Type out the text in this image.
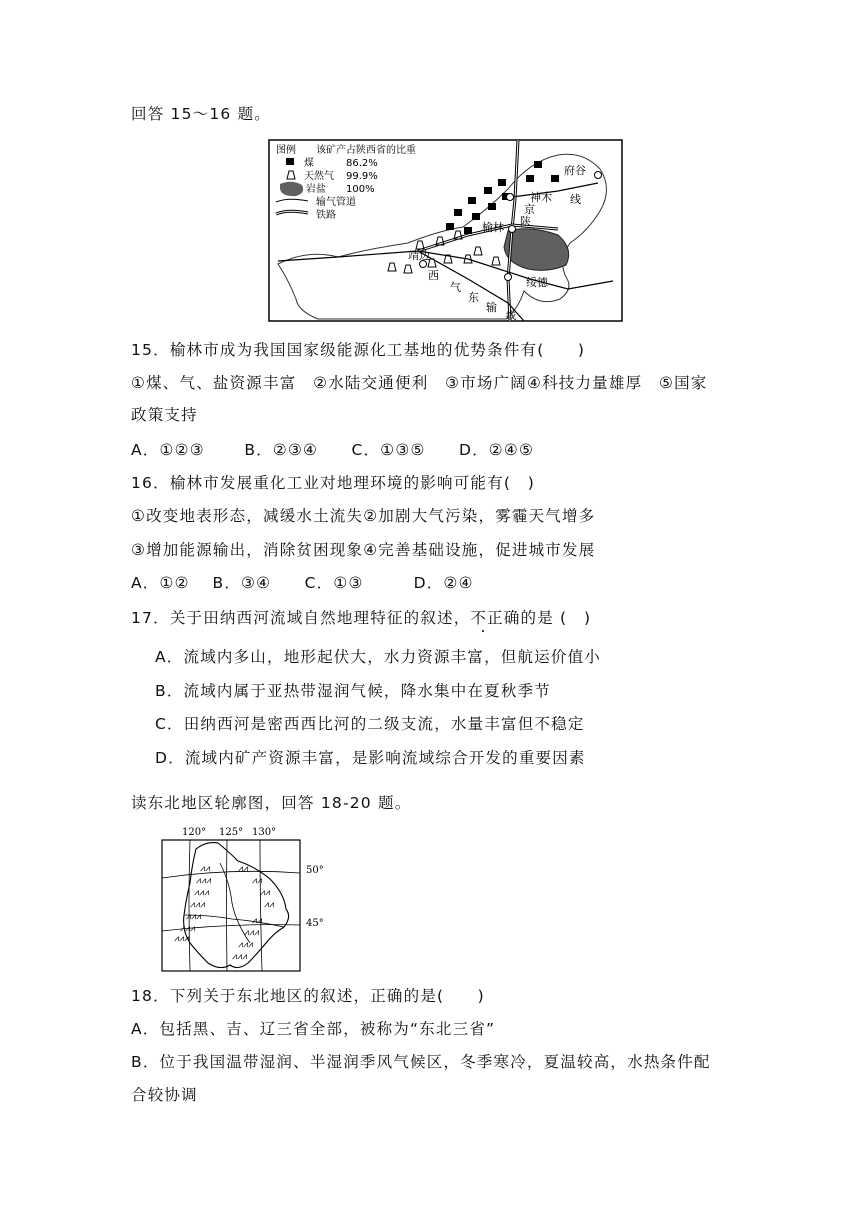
回答 15～16 题。
图例 该矿产占陕西省的比重
煤	86.2%
天然气 99.9%
岩盐 100%
输气管道
铁路
府谷
神木 线
榆林 陕
京
靖边
西
气
东
输
绥德
线
15．榆林市成为我国国家级能源化工基地的优势条件有(　　)
①煤、气、盐资源丰富　②水陆交通便利　③市场广阔④科技力量雄厚　⑤国家
政策支持
A．①②③　　 B．②③④　　C．①③⑤　　D．②④⑤
16．榆林市发展重化工业对地理环境的影响可能有(　)
①改变地表形态，减缓水土流失②加剧大气污染，雾霾天气增多
③增加能源输出，消除贫困现象④完善基础设施，促进城市发展
A．①②　 B．③④　　C．①③　　　D．②④
17．关于田纳西河流域自然地理特征的叙述，不正确的是 (　)
A．流域内多山，地形起伏大，水力资源丰富，但航运价值小
B．流域内属于亚热带湿润气候，降水集中在夏秋季节
C．田纳西河是密西西比河的二级支流，水量丰富但不稳定
D．流域内矿产资源丰富，是影响流域综合开发的重要因素
读东北地区轮廓图，回答 18-20 题。
120° 125° 130°
50°
45°
⩘⩘
⩘⩘⩘
⩘⩘⩘
⩘⩘⩘
⩘⩘⩘
⩘⩘⩘
⩘⩘⩘
⩘⩘
⩘⩘
⩘⩘
⩘⩘
⩘⩘
⩘⩘⩘
⩘⩘⩘
⩘⩘⩘
18．下列关于东北地区的叙述，正确的是(　　)
A．包括黑、吉、辽三省全部，被称为“东北三省”
B．位于我国温带湿润、半湿润季风气候区，冬季寒冷，夏温较高，水热条件配
合较协调
